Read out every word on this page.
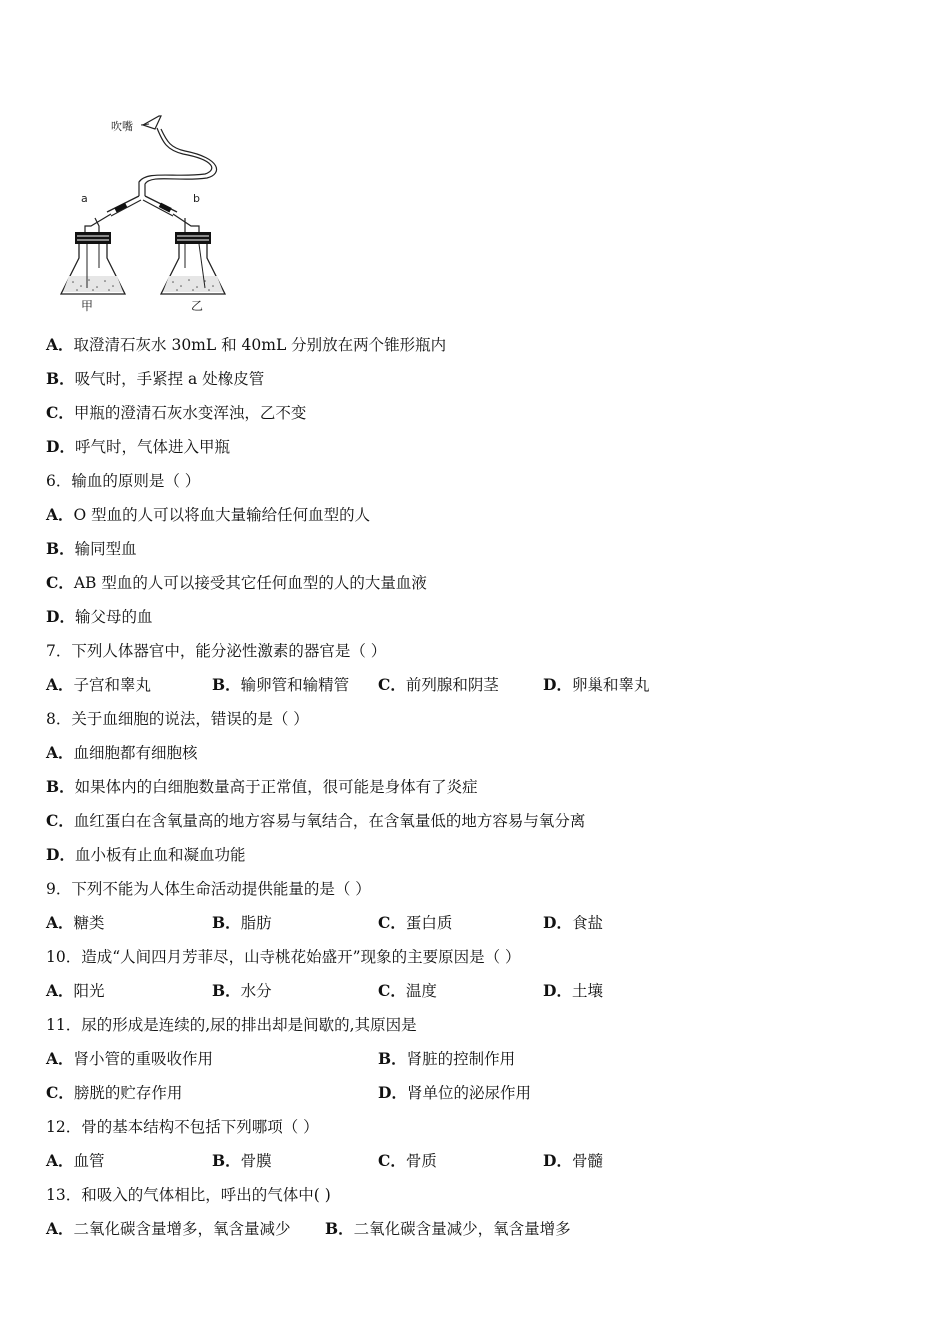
吹嘴
a	b
甲	乙
A．取澄清石灰水 30mL 和 40mL 分别放在两个锥形瓶内
B．吸气时，手紧捏 a 处橡皮管
C．甲瓶的澄清石灰水变浑浊，乙不变
D．呼气时，气体进入甲瓶
6．输血的原则是（ ）
A．O 型血的人可以将血大量输给任何血型的人
B．输同型血
C．AB 型血的人可以接受其它任何血型的人的大量血液
D．输父母的血
7．下列人体器官中，能分泌性激素的器官是（ ）
A．子宫和睾丸	B．输卵管和输精管 C．前列腺和阴茎	D．卵巢和睾丸
8．关于血细胞的说法，错误的是（ ）
A．血细胞都有细胞核
B．如果体内的白细胞数量高于正常值，很可能是身体有了炎症
C．血红蛋白在含氧量高的地方容易与氧结合，在含氧量低的地方容易与氧分离
D．血小板有止血和凝血功能
9．下列不能为人体生命活动提供能量的是（ ）
A．糖类	B．脂肪	C．蛋白质	D．食盐
10．造成“人间四月芳菲尽，山寺桃花始盛开”现象的主要原因是（ ）
A．阳光	B．水分	C．温度	D．土壤
11．尿的形成是连续的,尿的排出却是间歇的,其原因是
A．肾小管的重吸收作用	B．肾脏的控制作用
C．膀胱的贮存作用	D．肾单位的泌尿作用
12．骨的基本结构不包括下列哪项（ ）
A．血管	B．骨膜	C．骨质	D．骨髓
13．和吸入的气体相比，呼出的气体中( )
A．二氧化碳含量增多，氧含量减少 B．二氧化碳含量减少，氧含量增多
